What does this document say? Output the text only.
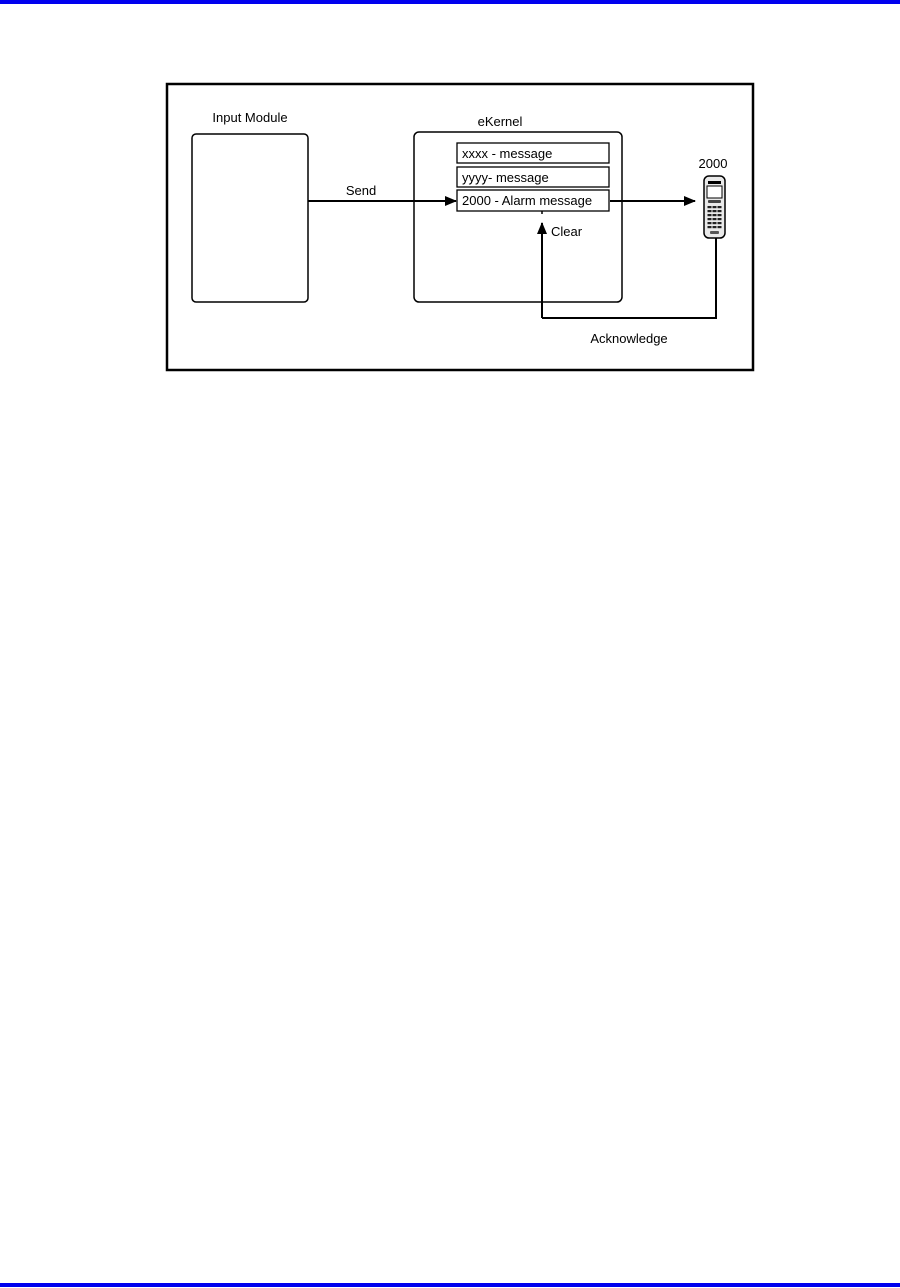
Input Module	eKernel
xxxx - message
yyyy- message
2000 - Alarm message
Send
2000
Clear
Acknowledge
